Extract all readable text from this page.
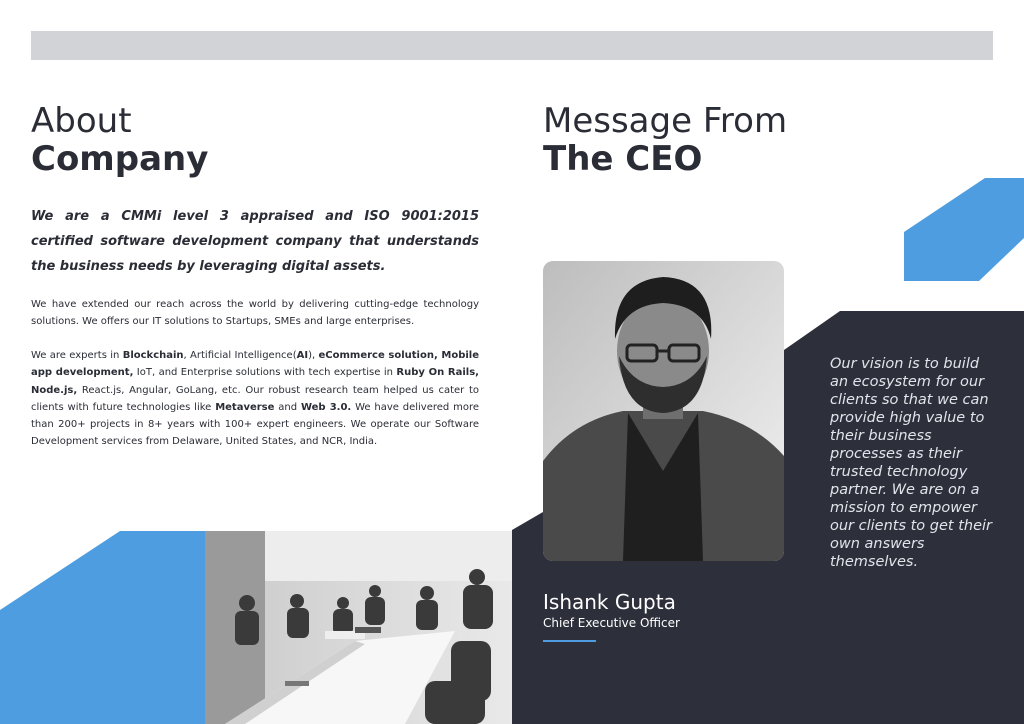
About
Company

We are a CMMi level 3 appraised and ISO 9001:2015 certified software development company that understands the business needs by leveraging digital assets.

We have extended our reach across the world by delivering cutting-edge technology solutions. We offers our IT solutions to Startups, SMEs and large enterprises.

We are experts in Blockchain, Artificial Intelligence(AI), eCommerce solution, Mobile app development, IoT, and Enterprise solutions with tech expertise in Ruby On Rails, Node.js, React.js, Angular, GoLang, etc. Our robust research team helped us cater to clients with future technologies like Metaverse and Web 3.0. We have delivered more than 200+ projects in 8+ years with 100+ expert engineers. We operate our Software Development services from Delaware, United States, and NCR, India.

Message From
The CEO

Ishank Gupta

Chief Executive Officer

Our vision is to build an ecosystem for our clients so that we can provide high value to their business processes as their trusted technology partner. We are on a mission to empower our clients to get their own answers themselves.
